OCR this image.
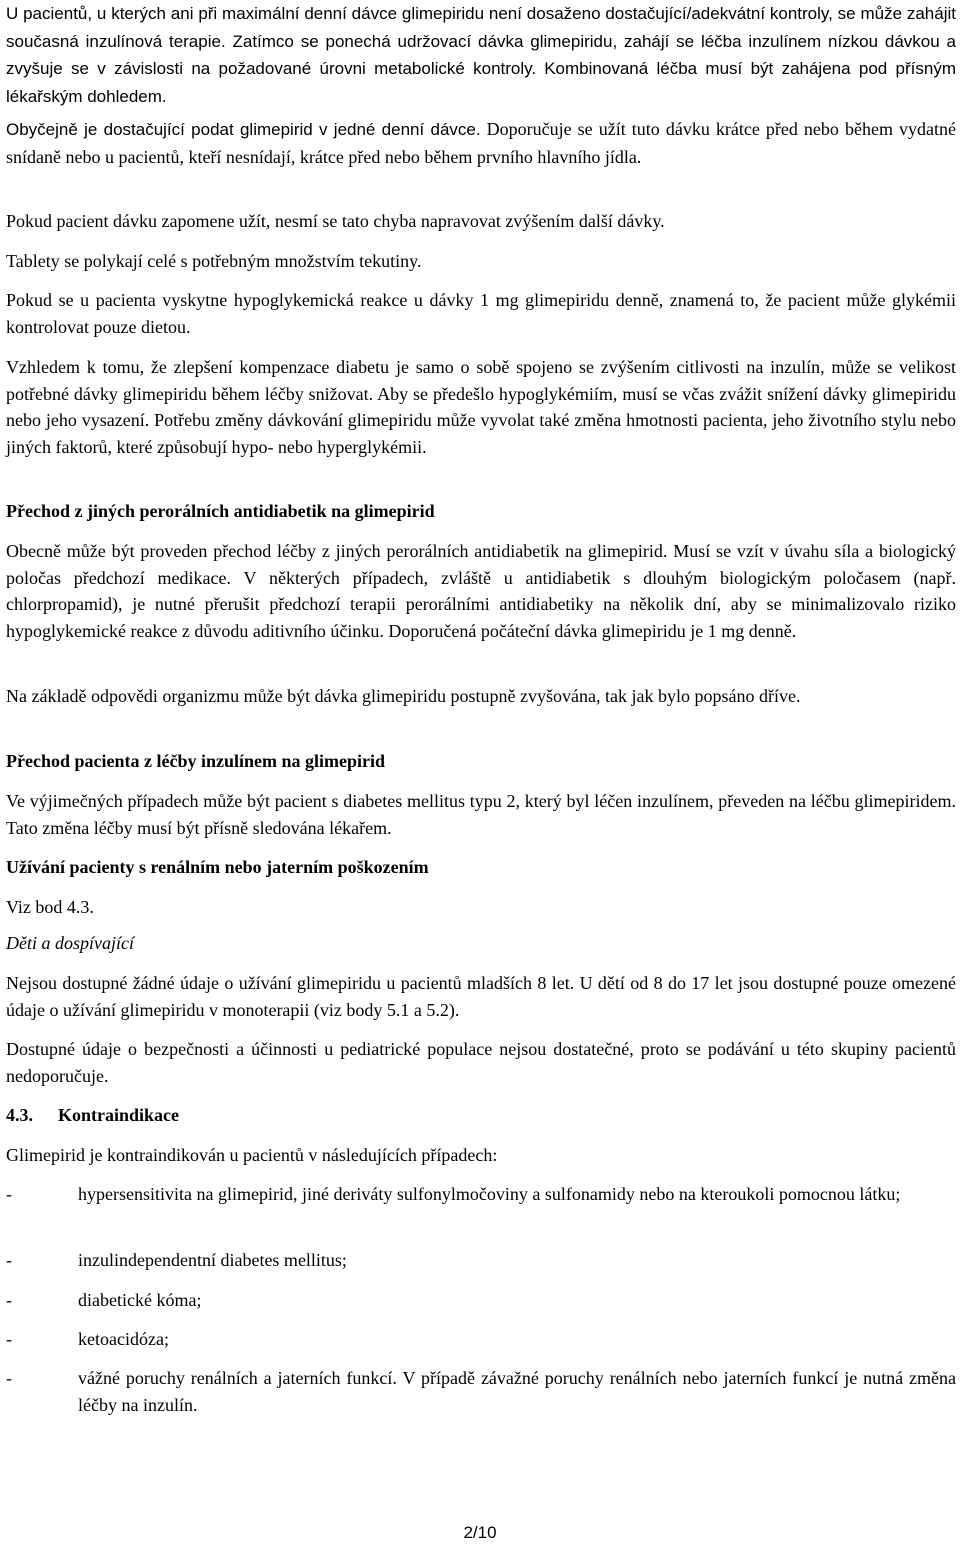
U pacientů, u kterých ani při maximální denní dávce glimepiridu není dosaženo dostačující/adekvátní kontroly, se může zahájit současná inzulínová terapie. Zatímco se ponechá udržovací dávka glimepiridu, zahájí se léčba inzulínem nízkou dávkou a zvyšuje se v závislosti na požadované úrovni metabolické kontroly. Kombinovaná léčba musí být zahájena pod přísným lékařským dohledem.

Obyčejně je dostačující podat glimepirid v jedné denní dávce. Doporučuje se užít tuto dávku krátce před nebo během vydatné snídaně nebo u pacientů, kteří nesnídají, krátce před nebo během prvního hlavního jídla.

Pokud pacient dávku zapomene užít, nesmí se tato chyba napravovat zvýšením další dávky.

Tablety se polykají celé s potřebným množstvím tekutiny.

Pokud se u pacienta vyskytne hypoglykemická reakce u dávky 1 mg glimepiridu denně, znamená to, že pacient může glykémii kontrolovat pouze dietou.

Vzhledem k tomu, že zlepšení kompenzace diabetu je samo o sobě spojeno se zvýšením citlivosti na inzulín, může se velikost potřebné dávky glimepiridu během léčby snižovat. Aby se předešlo hypoglykémiím, musí se včas zvážit snížení dávky glimepiridu nebo jeho vysazení. Potřebu změny dávkování glimepiridu může vyvolat také změna hmotnosti pacienta, jeho životního stylu nebo jiných faktorů, které způsobují hypo- nebo hyperglykémii.

Přechod z jiných perorálních antidiabetik na glimepirid

Obecně může být proveden přechod léčby z jiných perorálních antidiabetik na glimepirid. Musí se vzít v úvahu síla a biologický poločas předchozí medikace. V některých případech, zvláště u antidiabetik s dlouhým biologickým poločasem (např. chlorpropamid), je nutné přerušit předchozí terapii perorálními antidiabetiky na několik dní, aby se minimalizovalo riziko hypoglykemické reakce z důvodu aditivního účinku. Doporučená počáteční dávka glimepiridu je 1 mg denně.

Na základě odpovědi organizmu může být dávka glimepiridu postupně zvyšována, tak jak bylo popsáno dříve.

Přechod pacienta z léčby inzulínem na glimepirid

Ve výjimečných případech může být pacient s diabetes mellitus typu 2, který byl léčen inzulínem, převeden na léčbu glimepiridem. Tato změna léčby musí být přísně sledována lékařem.

Užívání pacienty s renálním nebo jaterním poškozením

Viz bod 4.3.

Děti a dospívající

Nejsou dostupné žádné údaje o užívání glimepiridu u pacientů mladších 8 let. U dětí od 8 do 17 let jsou dostupné pouze omezené údaje o užívání glimepiridu v monoterapii (viz body 5.1 a 5.2).

Dostupné údaje o bezpečnosti a účinnosti u pediatrické populace nejsou dostatečné, proto se podávání u této skupiny pacientů nedoporučuje.

4.3. Kontraindikace

Glimepirid je kontraindikován u pacientů v následujících případech:

-	hypersensitivita na glimepirid, jiné deriváty sulfonylmočoviny a sulfonamidy nebo na kteroukoli pomocnou látku;
-	inzulindependentní diabetes mellitus;
-	diabetické kóma;
-	ketoacidóza;
-	vážné poruchy renálních a jaterních funkcí. V případě závažné poruchy renálních nebo jaterních funkcí je nutná změna léčby na inzulín.
2/10
